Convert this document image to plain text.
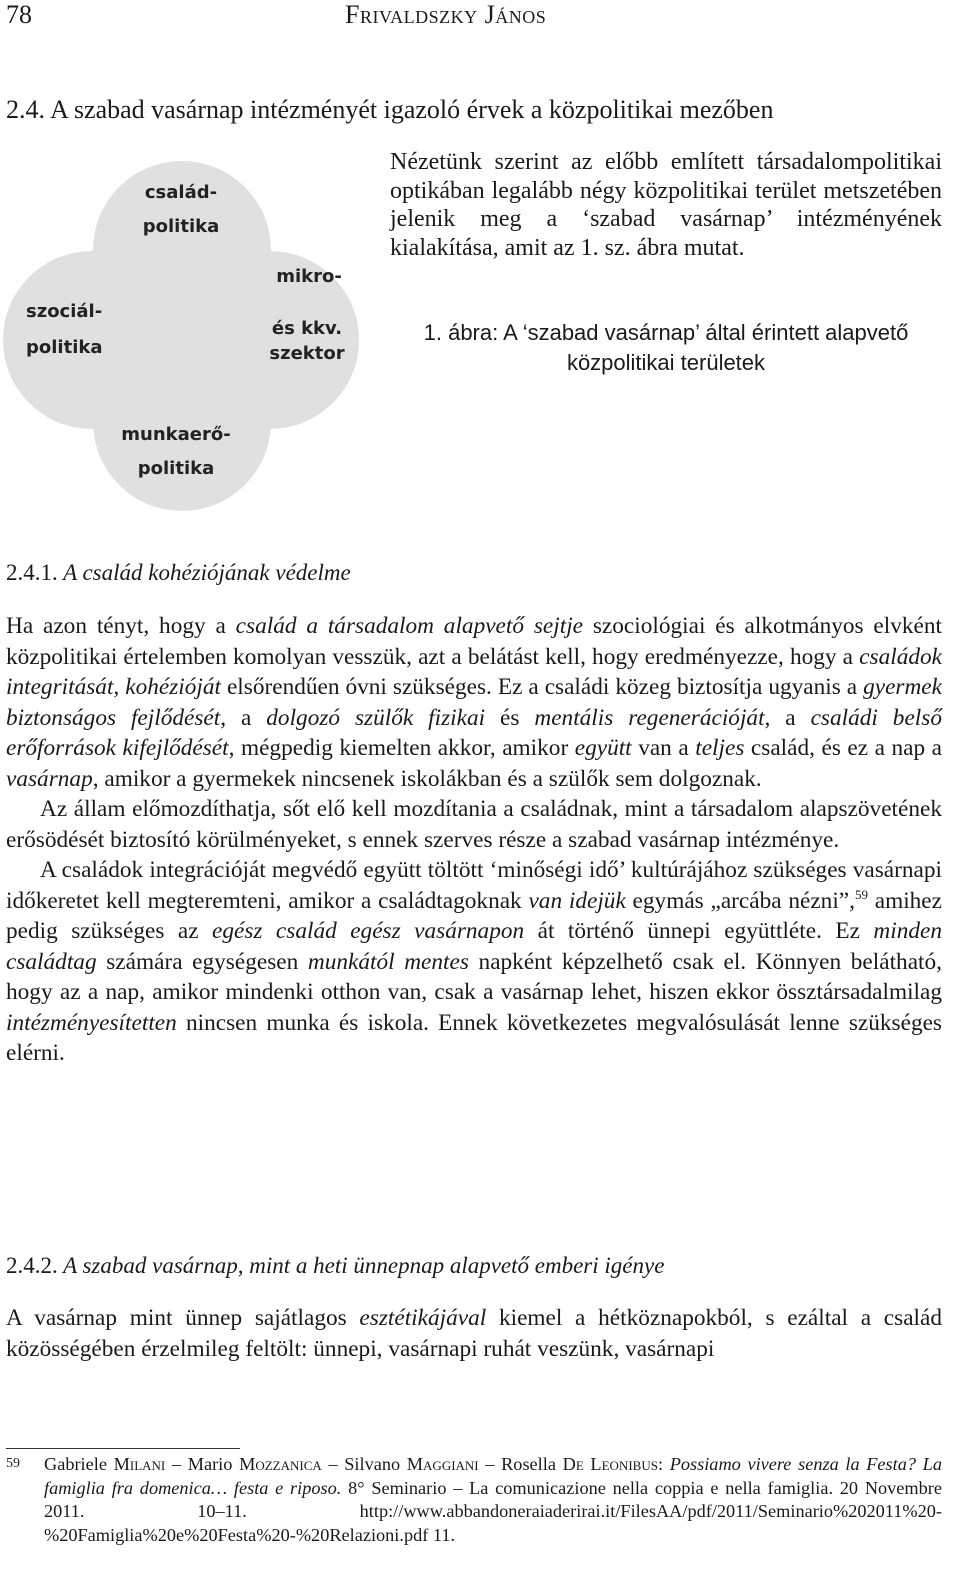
78	Frivaldszky János
2.4. A szabad vasárnap intézményét igazoló érvek a közpolitikai mezőben
család-
politika
szociál-
politika
mikro-
és kkv.
szektor
munkaerő-
politika
Nézetünk szerint az előbb említett társadalompolitikai optikában legalább négy közpolitikai terület metszetében jelenik meg a ‘szabad vasárnap’ intézményének kialakítása, amit az 1. sz. ábra mutat.
1. ábra: A ‘szabad vasárnap’ által érintett alapvető
közpolitikai területek
2.4.1. A család kohéziójának védelme

Ha azon tényt, hogy a család a társadalom alapvető sejtje szociológiai és alkotmányos elvként közpolitikai értelemben komolyan vesszük, azt a belátást kell, hogy eredményezze, hogy a családok integritását, kohézióját elsőrendűen óvni szükséges. Ez a családi közeg biztosítja ugyanis a gyermek biztonságos fejlődését, a dolgozó szülők fizikai és mentális regenerációját, a családi belső erőforrások kifejlődését, mégpedig kiemelten akkor, amikor együtt van a teljes család, és ez a nap a vasárnap, amikor a gyermekek nincsenek iskolákban és a szülők sem dolgoznak.

Az állam előmozdíthatja, sőt elő kell mozdítania a családnak, mint a társadalom alapszövetének erősödését biztosító körülményeket, s ennek szerves része a szabad vasárnap intézménye.

A családok integrációját megvédő együtt töltött ‘minőségi idő’ kultúrájához szükséges vasárnapi időkeretet kell megteremteni, amikor a családtagoknak van idejük egymás „arcába nézni”,$^{59}$ amihez pedig szükséges az egész család egész vasárnapon át történő ünnepi együttléte. Ez minden családtag számára egységesen munkától mentes napként képzelhető csak el. Könnyen belátható, hogy az a nap, amikor mindenki otthon van, csak a vasárnap lehet, hiszen ekkor össztársadalmilag intézményesítetten nincsen munka és iskola. Ennek következetes megvalósulását lenne szükséges elérni.

2.4.2. A szabad vasárnap, mint a heti ünnepnap alapvető emberi igénye

A vasárnap mint ünnep sajátlagos esztétikájával kiemel a hétköznapokból, s ezáltal a család közösségében érzelmileg feltölt: ünnepi, vasárnapi ruhát veszünk, vasárnapi

59 Gabriele Milani – Mario Mozzanica – Silvano Maggiani – Rosella De Leonibus: Possiamo vivere senza la Festa? La famiglia fra domenica… festa e riposo. 8° Seminario – La comunicazione nella coppia e nella famiglia. 20 Novembre 2011. 10–11. http://www.abbandoneraiaderirai.it/FilesAA/pdf/2011/Seminario%202011%20-%20Famiglia%20e%20Festa%20-%20Relazioni.pdf 11.
